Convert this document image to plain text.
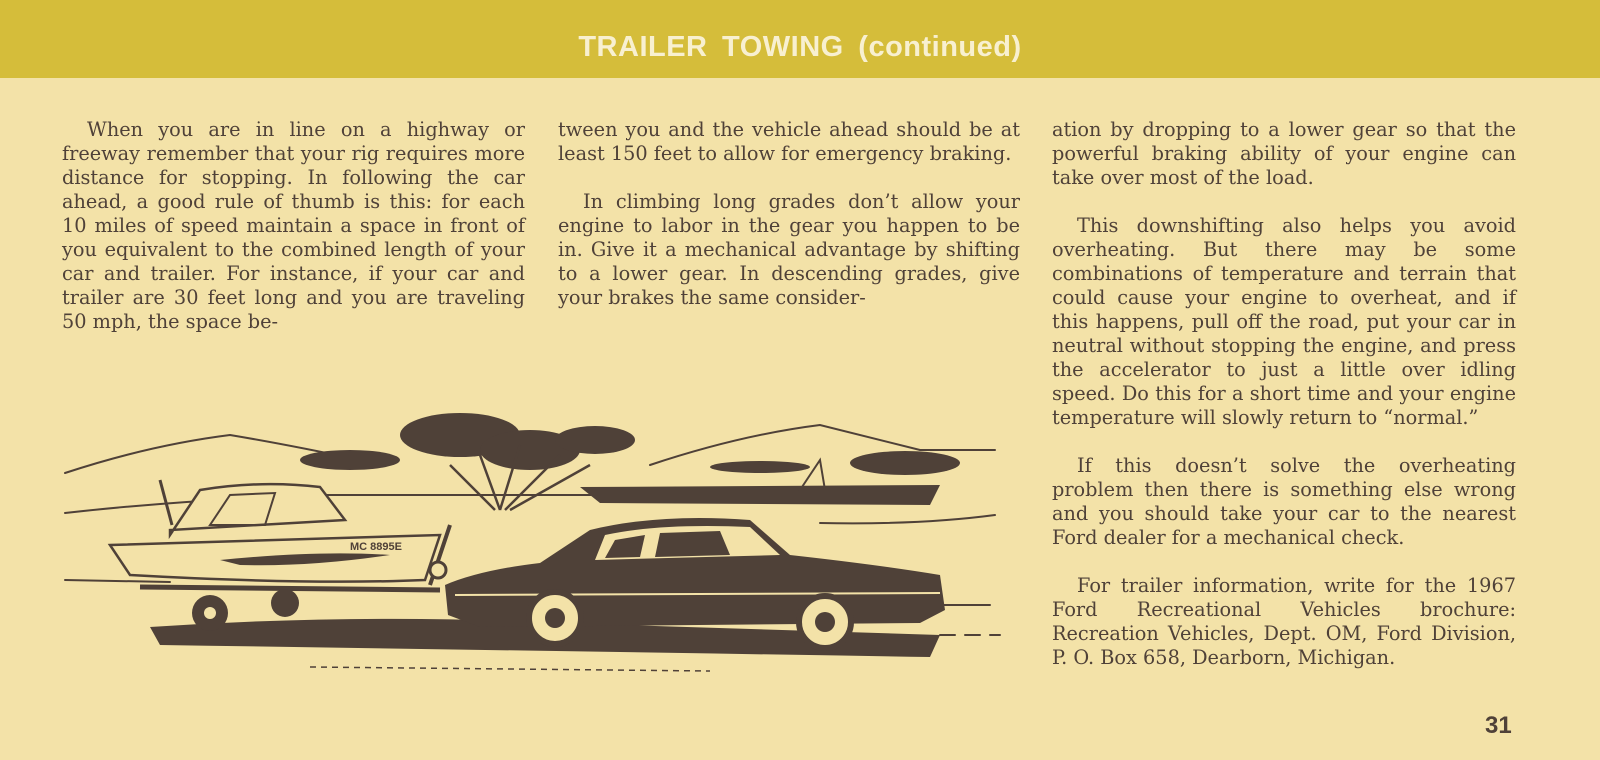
TRAILER TOWING (continued)

When you are in line on a highway or freeway remember that your rig requires more distance for stopping. In following the car ahead, a good rule of thumb is this: for each 10 miles of speed maintain a space in front of you equivalent to the combined length of your car and trailer. For instance, if your car and trailer are 30 feet long and you are traveling 50 mph, the space be-

tween you and the vehicle ahead should be at least 150 feet to allow for emergency braking.

In climbing long grades don’t allow your engine to labor in the gear you happen to be in. Give it a mechanical advantage by shifting to a lower gear. In descending grades, give your brakes the same consider-

ation by dropping to a lower gear so that the powerful braking ability of your engine can take over most of the load.

This downshifting also helps you avoid overheating. But there may be some combinations of temperature and terrain that could cause your engine to overheat, and if this happens, pull off the road, put your car in neutral without stopping the engine, and press the accelerator to just a little over idling speed. Do this for a short time and your engine temperature will slowly return to “normal.”

If this doesn’t solve the overheating problem then there is something else wrong and you should take your car to the nearest Ford dealer for a mechanical check.

For trailer information, write for the 1967 Ford Recreational Vehicles brochure: Recreation Vehicles, Dept. OM, Ford Division, P. O. Box 658, Dearborn, Michigan.

MC 8895E
31
